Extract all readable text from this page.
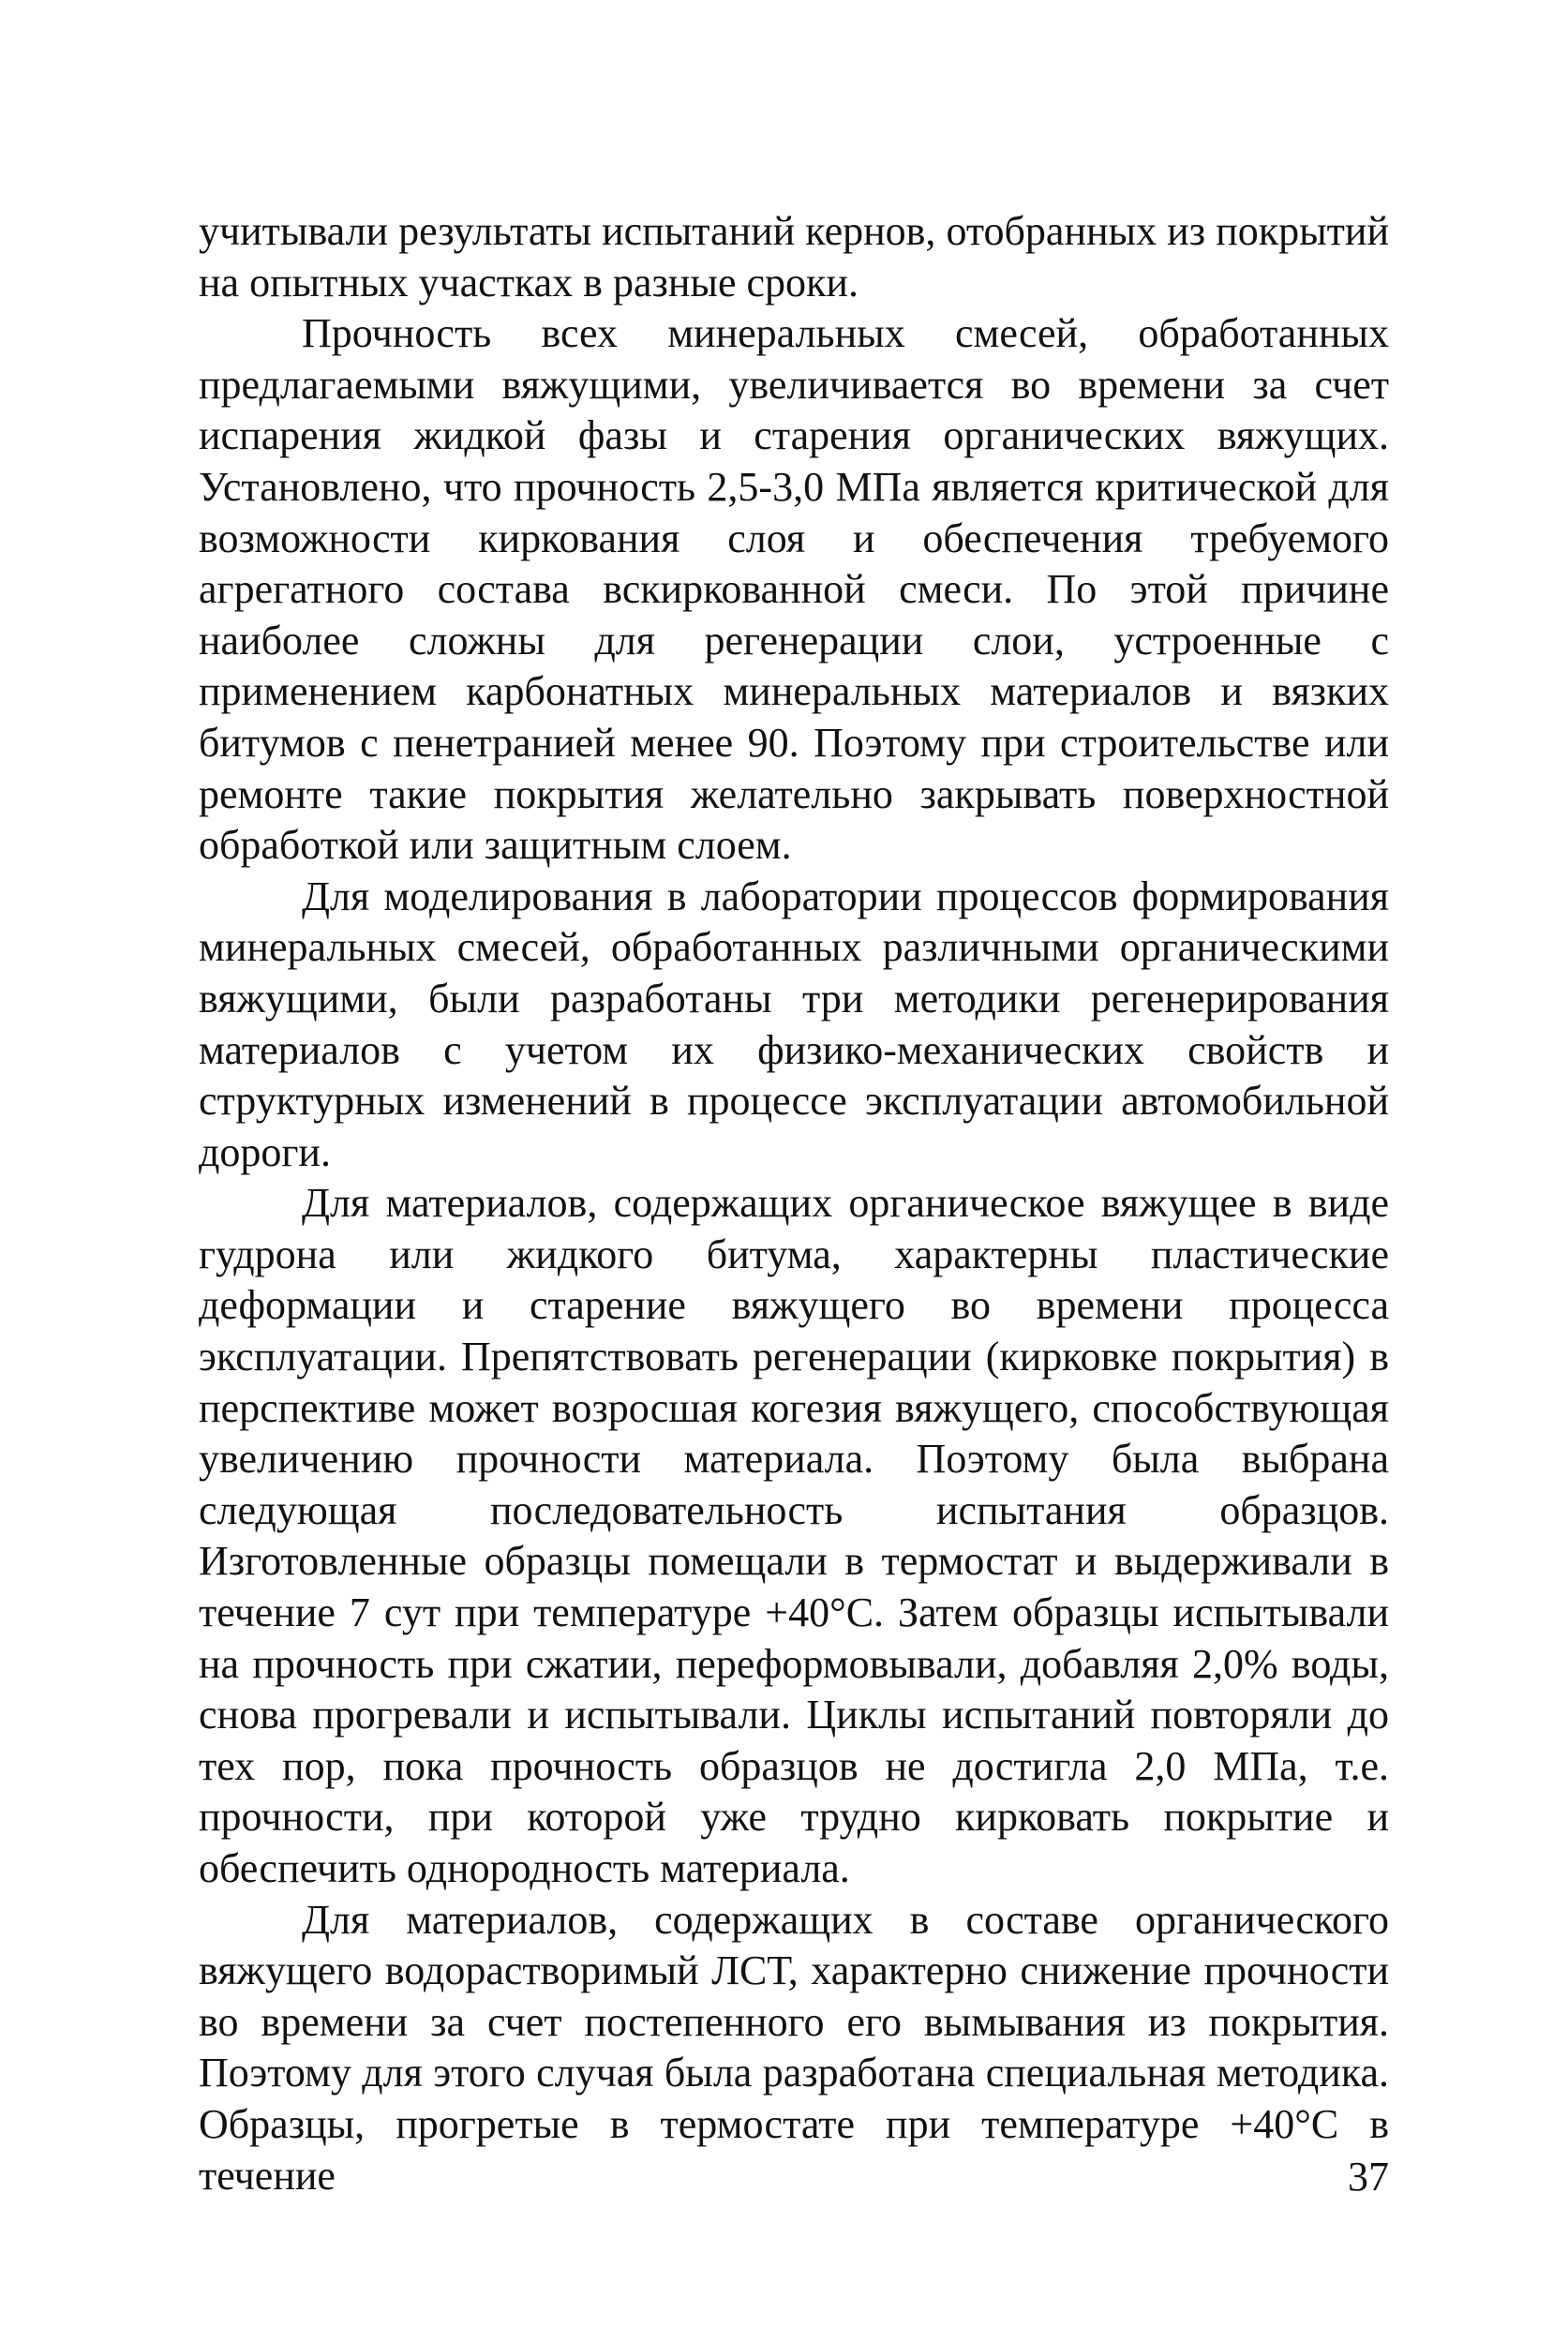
учитывали результаты испытаний кернов, отобранных из покрытий на опытных участках в разные сроки.

Прочность всех минеральных смесей, обработанных предлагаемыми вяжущими, увеличивается во времени за счет испарения жидкой фазы и старения органических вяжущих. Установлено, что прочность 2,5-3,0 МПа является критической для возможности киркования слоя и обеспечения требуемого агрегатного состава вскиркованной смеси. По этой причине наиболее сложны для регенерации слои, устроенные с применением карбонатных минеральных материалов и вязких битумов с пенетранией менее 90. Поэтому при строительстве или ремонте такие покрытия желательно закрывать поверхностной обработкой или защитным слоем.

Для моделирования в лаборатории процессов формирования минеральных смесей, обработанных различными органическими вяжущими, были разработаны три методики регенерирования материалов с учетом их физико-механических свойств и структурных изменений в процессе эксплуатации автомобильной дороги.

Для материалов, содержащих органическое вяжущее в виде гудрона или жидкого битума, характерны пластические деформации и старение вяжущего во времени процесса эксплуатации. Препятствовать регенерации (кирковке покрытия) в перспективе может возросшая когезия вяжущего, способствующая увеличению прочности материала. Поэтому была выбрана следующая последовательность испытания образцов. Изготовленные образцы помещали в термостат и выдерживали в течение 7 сут при температуре +40°С. Затем образцы испытывали на прочность при сжатии, переформовывали, добавляя 2,0% воды, снова прогревали и испытывали. Циклы испытаний повторяли до тех пор, пока прочность образцов не достигла 2,0 МПа, т.е. прочности, при которой уже трудно кирковать покрытие и обеспечить однородность материала.

Для материалов, содержащих в составе органического вяжущего водорастворимый ЛСТ, характерно снижение прочности во времени за счет постепенного его вымывания из покрытия. Поэтому для этого случая была разработана специальная методика. Образцы, прогретые в термостате при температуре +40°С в течение	37
